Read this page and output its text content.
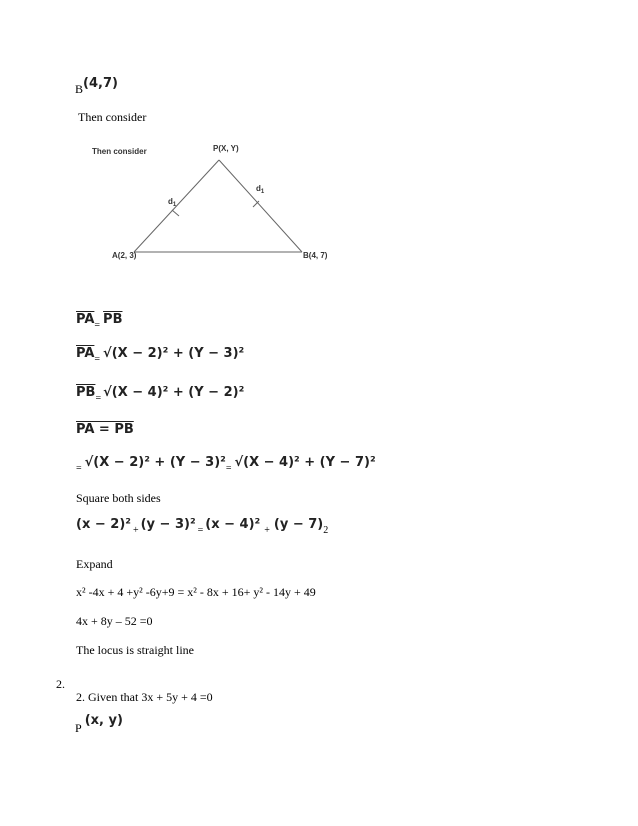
$_B$(4,7)
Then consider
Then consider	P(X, Y)
$d_1$
$d_1$
A(2, 3)	B(4, 7)
$\overline{PA}_=$ $\overline{PB}$
$\overline{PA}_=$ √(X − 2)² + (Y − 3)²
$\overline{PB}_=$ √(X − 4)² + (Y − 2)²
PA = PB
$_=$ $√(X - 2)^2 + (Y - 3)^2_=$ √(X − 4)² + (Y − 7)²
Square both sides
(x − 2)² $_+$ (y − 3)² $_=$ (x − 4)² $_+$ $(y - 7)_2$
Expand
x² -4x + 4 +y² -6y+9 = x² - 8x + 16+ y² - 14y + 49
4x + 8y – 52 =0
The locus is straight line
2.
2. Given that 3x + 5y + 4 =0
$_P$ (x, y)
